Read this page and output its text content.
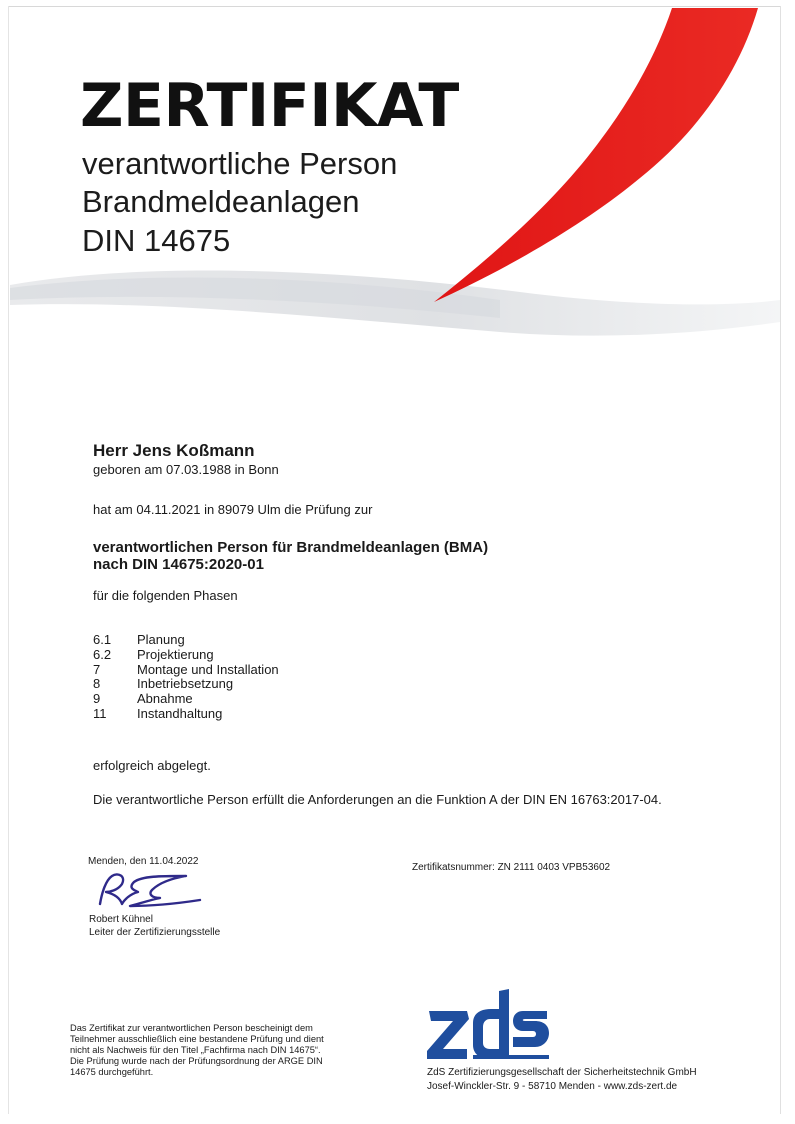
ZERTIFIKAT
verantwortliche Person
Brandmeldeanlagen
DIN 14675
Herr Jens Koßmann
geboren am 07.03.1988 in Bonn
hat am 04.11.2021 in 89079 Ulm die Prüfung zur
verantwortlichen Person für Brandmeldeanlagen (BMA)
nach DIN 14675:2020-01
für die folgenden Phasen
6.1 Planung
6.2 Projektierung
7	Montage und Installation
8	Inbetriebsetzung
9	Abnahme
11 Instandhaltung
erfolgreich abgelegt.
Die verantwortliche Person erfüllt die Anforderungen an die Funktion A der DIN EN 16763:2017-04.
Menden, den 11.04.2022
Zertifikatsnummer: ZN 2111 0403 VPB53602
Robert Kühnel
Leiter der Zertifizierungsstelle
Das Zertifikat zur verantwortlichen Person bescheinigt dem
Teilnehmer ausschließlich eine bestandene Prüfung und dient
nicht als Nachweis für den Titel „Fachfirma nach DIN 14675“.
Die Prüfung wurde nach der Prüfungsordnung der ARGE DIN
14675 durchgeführt.	ZdS Zertifizierungsgesellschaft der Sicherheitstechnik GmbH
Josef-Winckler-Str. 9 - 58710 Menden - www.zds-zert.de
